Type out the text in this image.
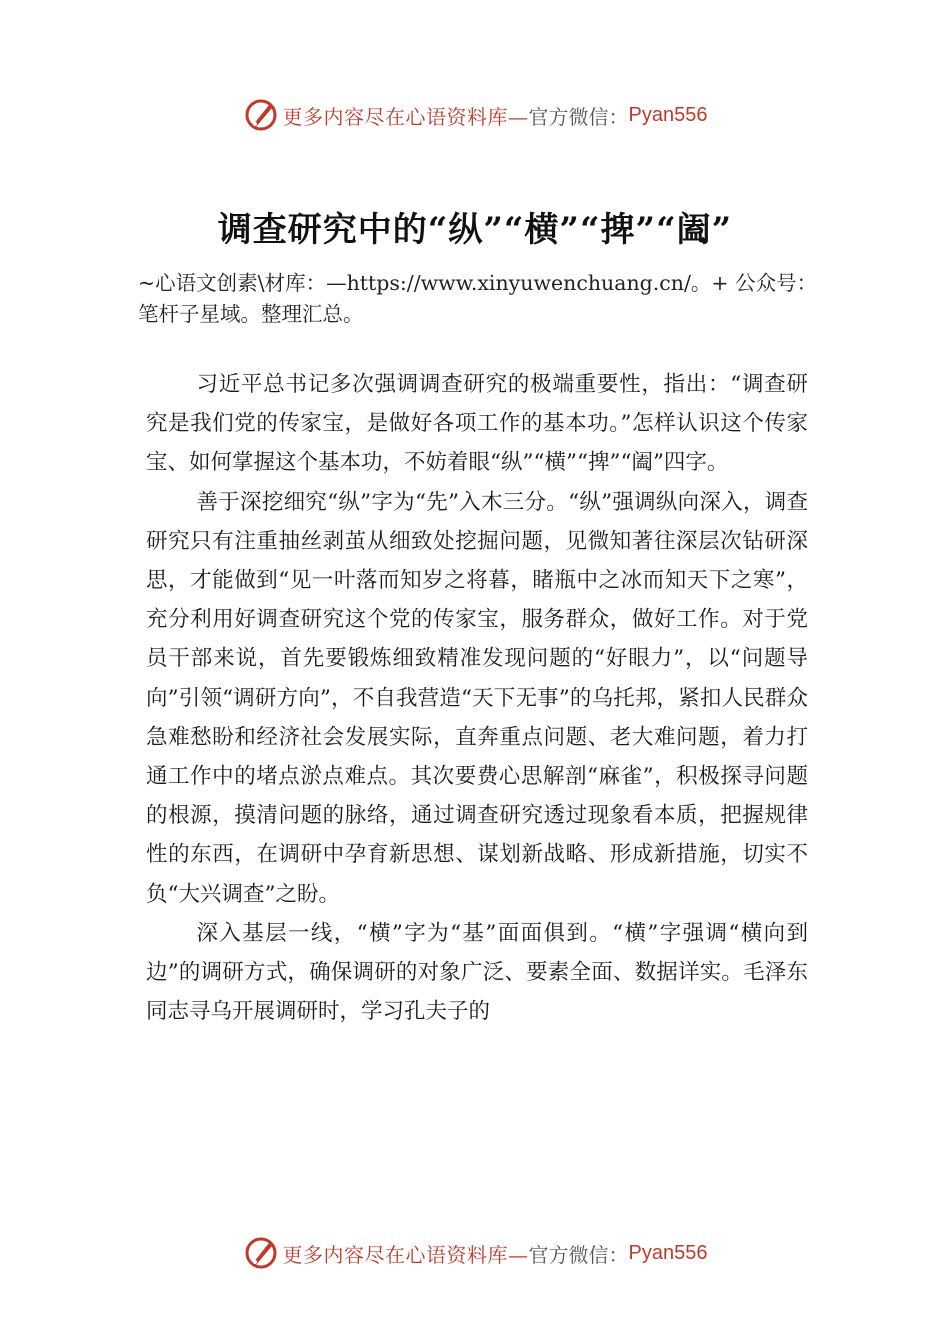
更多内容尽在心语资料库— 官方微信： Pyan556
调查研究中的“纵”“横”“捭”“阖”
~心语文创素\材库：—https://www.xinyuwenchuang.cn/。+ 公众号：笔杆子星域。整理汇总。

习近平总书记多次强调调查研究的极端重要性，指出：“调查研究是我们党的传家宝，是做好各项工作的基本功。”怎样认识这个传家宝、如何掌握这个基本功，不妨着眼“纵”“横”“捭”“阖”四字。

善于深挖细究“纵”字为“先”入木三分。“纵”强调纵向深入，调查研究只有注重抽丝剥茧从细致处挖掘问题，见微知著往深层次钻研深思，才能做到“见一叶落而知岁之将暮，睹瓶中之冰而知天下之寒”，充分利用好调查研究这个党的传家宝，服务群众，做好工作。对于党员干部来说，首先要锻炼细致精准发现问题的“好眼力”，以“问题导向”引领“调研方向”，不自我营造“天下无事”的乌托邦，紧扣人民群众急难愁盼和经济社会发展实际，直奔重点问题、老大难问题，着力打通工作中的堵点淤点难点。其次要费心思解剖“麻雀”，积极探寻问题的根源，摸清问题的脉络，通过调查研究透过现象看本质，把握规律性的东西，在调研中孕育新思想、谋划新战略、形成新措施，切实不负“大兴调查”之盼。

深入基层一线，“横”字为“基”面面俱到。“横”字强调“横向到边”的调研方式，确保调研的对象广泛、要素全面、数据详实。毛泽东同志寻乌开展调研时，学习孔夫子的

更多内容尽在心语资料库— 官方微信： Pyan556
